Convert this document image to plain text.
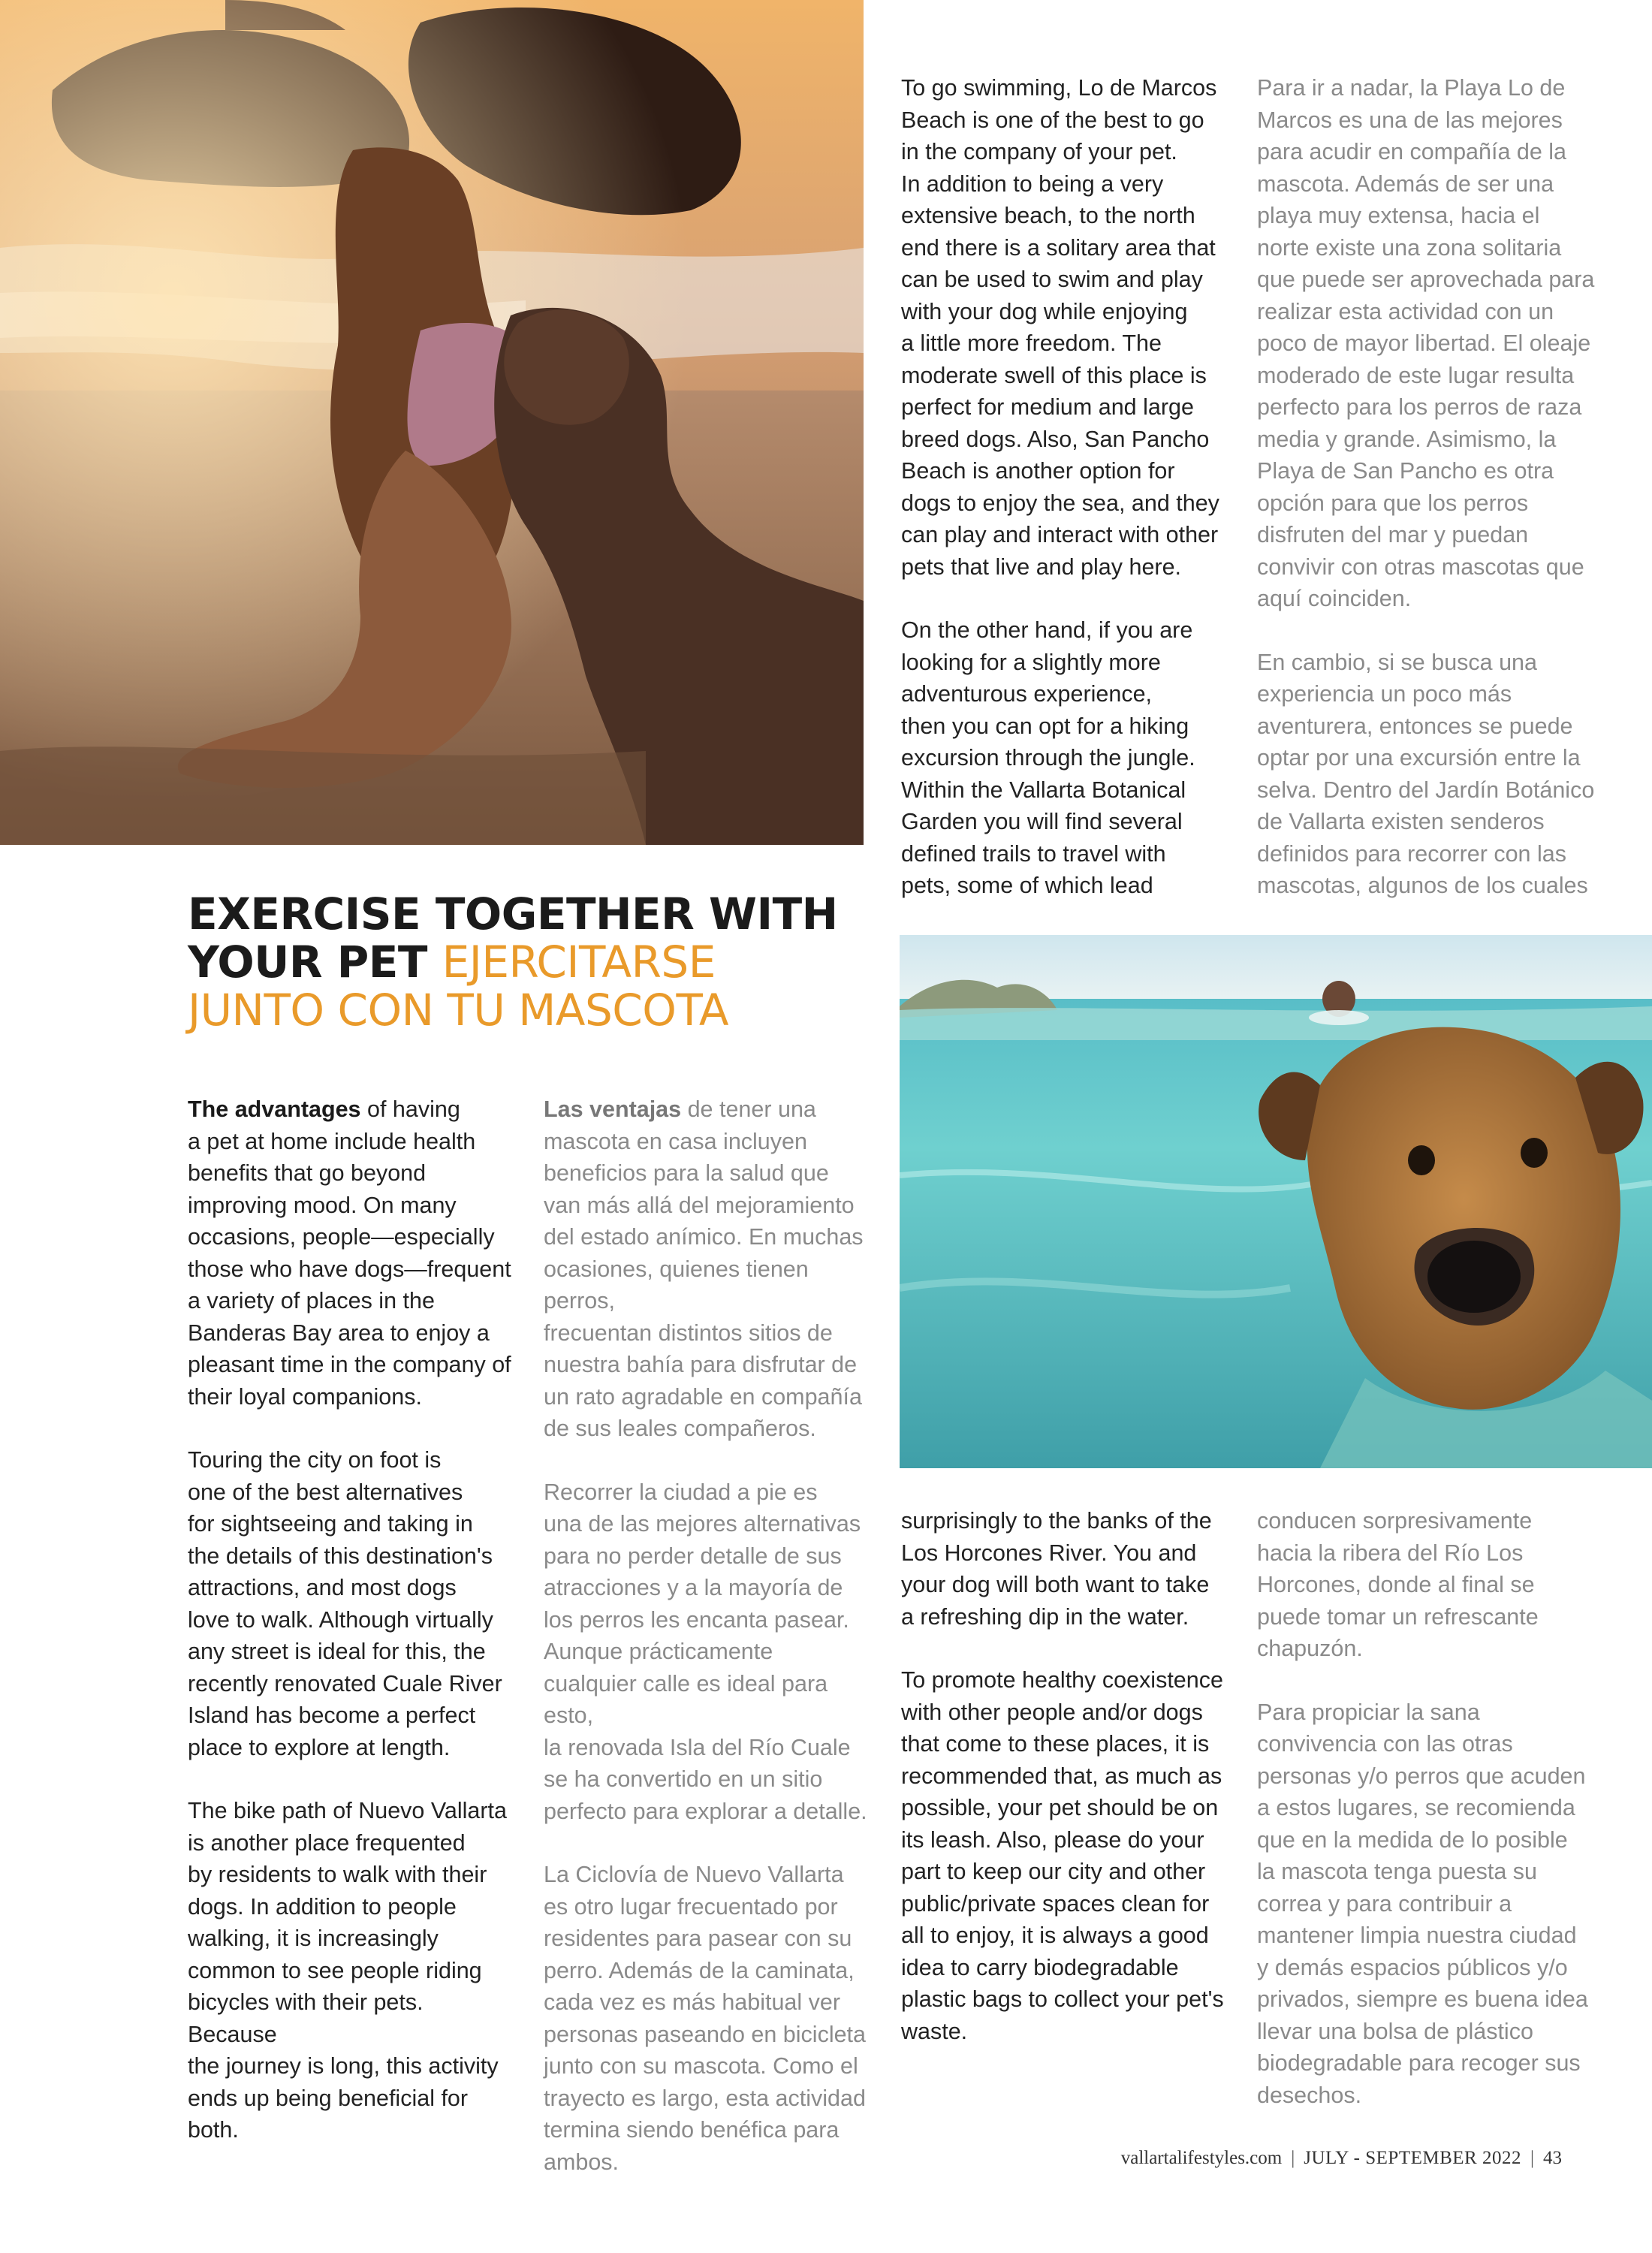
EXERCISE TOGETHER WITH YOUR PET EJERCITARSE JUNTO CON TU MASCOTA

The advantages of having
a pet at home include health
benefits that go beyond
improving mood. On many
occasions, people—especially
those who have dogs—frequent
a variety of places in the
Banderas Bay area to enjoy a
pleasant time in the company of
their loyal companions.

Touring the city on foot is
one of the best alternatives
for sightseeing and taking in
the details of this destination's
attractions, and most dogs
love to walk. Although virtually
any street is ideal for this, the
recently renovated Cuale River
Island has become a perfect
place to explore at length.

The bike path of Nuevo Vallarta
is another place frequented
by residents to walk with their
dogs. In addition to people
walking, it is increasingly
common to see people riding
bicycles with their pets. Because
the journey is long, this activity
ends up being beneficial for
both.

Las ventajas de tener una
mascota en casa incluyen
beneficios para la salud que
van más allá del mejoramiento
del estado anímico. En muchas
ocasiones, quienes tienen perros,
frecuentan distintos sitios de
nuestra bahía para disfrutar de
un rato agradable en compañía
de sus leales compañeros.

Recorrer la ciudad a pie es
una de las mejores alternativas
para no perder detalle de sus
atracciones y a la mayoría de
los perros les encanta pasear.
Aunque prácticamente
cualquier calle es ideal para esto,
la renovada Isla del Río Cuale
se ha convertido en un sitio
perfecto para explorar a detalle.

La Ciclovía de Nuevo Vallarta
es otro lugar frecuentado por
residentes para pasear con su
perro. Además de la caminata,
cada vez es más habitual ver
personas paseando en bicicleta
junto con su mascota. Como el
trayecto es largo, esta actividad
termina siendo benéfica para
ambos.

To go swimming, Lo de Marcos
Beach is one of the best to go
in the company of your pet.
In addition to being a very
extensive beach, to the north
end there is a solitary area that
can be used to swim and play
with your dog while enjoying
a little more freedom. The
moderate swell of this place is
perfect for medium and large
breed dogs. Also, San Pancho
Beach is another option for
dogs to enjoy the sea, and they
can play and interact with other
pets that live and play here.

On the other hand, if you are
looking for a slightly more
adventurous experience,
then you can opt for a hiking
excursion through the jungle.
Within the Vallarta Botanical
Garden you will find several
defined trails to travel with
pets, some of which lead

Para ir a nadar, la Playa Lo de
Marcos es una de las mejores
para acudir en compañía de la
mascota. Además de ser una
playa muy extensa, hacia el
norte existe una zona solitaria
que puede ser aprovechada para
realizar esta actividad con un
poco de mayor libertad. El oleaje
moderado de este lugar resulta
perfecto para los perros de raza
media y grande. Asimismo, la
Playa de San Pancho es otra
opción para que los perros
disfruten del mar y puedan
convivir con otras mascotas que
aquí coinciden.

En cambio, si se busca una
experiencia un poco más
aventurera, entonces se puede
optar por una excursión entre la
selva. Dentro del Jardín Botánico
de Vallarta existen senderos
definidos para recorrer con las
mascotas, algunos de los cuales

surprisingly to the banks of the
Los Horcones River. You and
your dog will both want to take
a refreshing dip in the water.

To promote healthy coexistence
with other people and/or dogs
that come to these places, it is
recommended that, as much as
possible, your pet should be on
its leash. Also, please do your
part to keep our city and other
public/private spaces clean for
all to enjoy, it is always a good
idea to carry biodegradable
plastic bags to collect your pet's
waste.

conducen sorpresivamente
hacia la ribera del Río Los
Horcones, donde al final se
puede tomar un refrescante
chapuzón.

Para propiciar la sana
convivencia con las otras
personas y/o perros que acuden
a estos lugares, se recomienda
que en la medida de lo posible
la mascota tenga puesta su
correa y para contribuir a
mantener limpia nuestra ciudad
y demás espacios públicos y/o
privados, siempre es buena idea
llevar una bolsa de plástico
biodegradable para recoger sus
desechos.

vallartalifestyles.com | JULY - SEPTEMBER 2022 | 43
